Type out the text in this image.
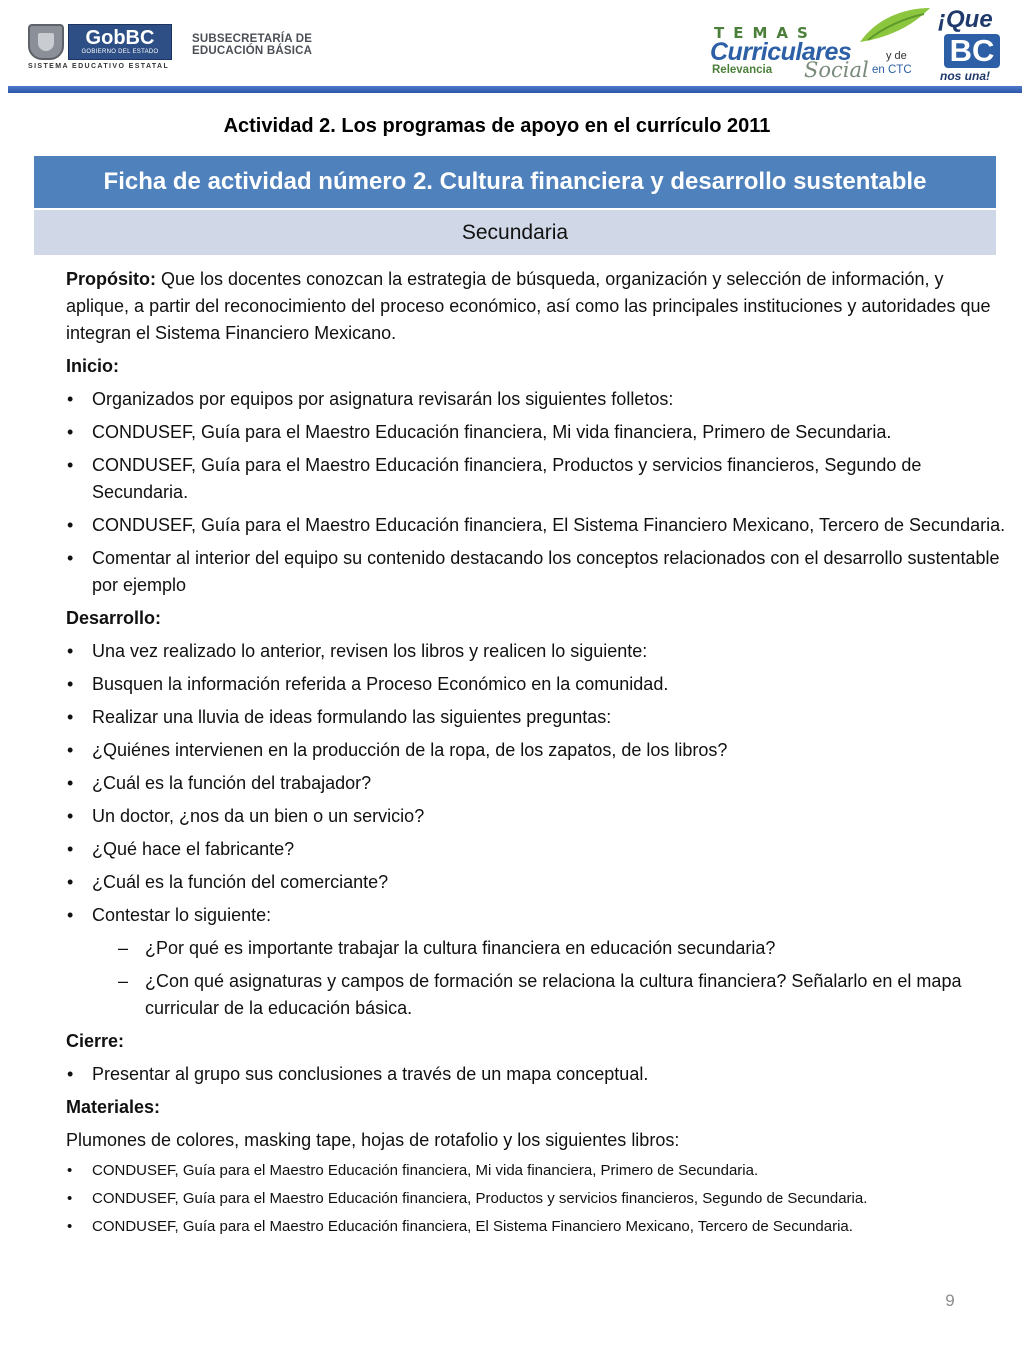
GobBC
GOBIERNO DEL ESTADO
SISTEMA EDUCATIVO ESTATAL
SUBSECRETARÍA DE
EDUCACIÓN BÁSICA
TEMAS
Curriculares	y de
Relevancia Social en CTC
¡Que
BC
nos una!
Actividad 2. Los programas de apoyo en el currículo 2011
Ficha de actividad número 2. Cultura financiera y desarrollo sustentable
Secundaria

Propósito: Que los docentes conozcan la estrategia de búsqueda, organización y selección de información, y aplique, a partir del reconocimiento del proceso económico, así como las principales instituciones y autoridades que integran el Sistema Financiero Mexicano.

Inicio:
• Organizados por equipos por asignatura revisarán los siguientes folletos:
• CONDUSEF, Guía para el Maestro Educación financiera, Mi vida financiera, Primero de Secundaria.
• CONDUSEF, Guía para el Maestro Educación financiera, Productos y servicios financieros, Segundo de Secundaria.
• CONDUSEF, Guía para el Maestro Educación financiera, El Sistema Financiero Mexicano, Tercero de Secundaria.
• Comentar al interior del equipo su contenido destacando los conceptos relacionados con el desarrollo sustentable por ejemplo
Desarrollo:
• Una vez realizado lo anterior, revisen los libros y realicen lo siguiente:
• Busquen la información referida a Proceso Económico en la comunidad.
• Realizar una lluvia de ideas formulando las siguientes preguntas:
• ¿Quiénes intervienen en la producción de la ropa, de los zapatos, de los libros?
• ¿Cuál es la función del trabajador?
• Un doctor, ¿nos da un bien o un servicio?
• ¿Qué hace el fabricante?
• ¿Cuál es la función del comerciante?
• Contestar lo siguiente:
– ¿Por qué es importante trabajar la cultura financiera en educación secundaria?
– ¿Con qué asignaturas y campos de formación se relaciona la cultura financiera? Señalarlo en el mapa curricular de la educación básica.
Cierre:
• Presentar al grupo sus conclusiones a través de un mapa conceptual.
Materiales:

Plumones de colores, masking tape, hojas de rotafolio y los siguientes libros:

• CONDUSEF, Guía para el Maestro Educación financiera, Mi vida financiera, Primero de Secundaria.
• CONDUSEF, Guía para el Maestro Educación financiera, Productos y servicios financieros, Segundo de Secundaria.
• CONDUSEF, Guía para el Maestro Educación financiera, El Sistema Financiero Mexicano, Tercero de Secundaria.
9
